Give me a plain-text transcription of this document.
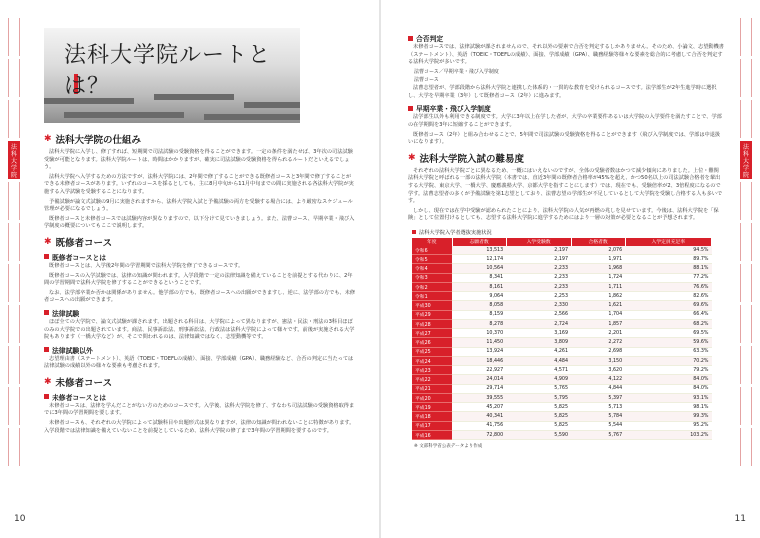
法科大学院
法科大学院
法科大学院ルートとは？
✱ 法科大学院の仕組み

法科大学院に入学し、修了すれば、短期間で司法試験の受験資格を得ることができます。一定の条件を満たせば、3年次の司法試験受験が可能となります。法科大学院ルートは、時間はかかりますが、確実に司法試験の受験資格を得られるルートだといえるでしょう。

法科大学院へ入学するための方法ですが、法科大学院には、2年間で修了することができる既修者コースと3年間で修了することができる未修者コースがあります。いずれのコースを採るとしても、主に8月中旬から11月中旬までの間に実施される各法科大学院が実施する入学試験を受験することになります。

予備試験が論文式試験の9月に実施されますから、法科大学院入試と予備試験の両方を受験する場合には、より厳密なスケジュール管理が必要になるでしょう。

既修者コースと未修者コースでは試験内容が異なりますので、以下分けて見ていきましょう。また、法曹コース、早期卒業・飛び入学制度の概要についてもここで説明します。

✱ 既修者コース
既修者コースとは

既修者コースとは、入学後2年間の学習期間で法科大学院を修了できるコースです。

既修者コースの入学試験では、法律の知識が問われます。入学段階で一定の法律知識を備えていることを前提とする代わりに、2年間の学習期間で法科大学院を修了することができるということです。

なお、法学部卒業か否かは関係がありません。他学部の方でも、既修者コースへの出願ができますし、逆に、法学部の方でも、未修者コースへの出願ができます。

法律試験

ほぼ全ての大学院で、論文式試験が課されます。出題される科目は、大学院によって異なりますが、憲法・民法・刑法の3科目ほぼのみの大学院での出題されています。商法、民事訴訟法、刑事訴訟法、行政法は法科大学院によって様々です。前後が実施される大学院もあります（一橋大学など）が、そこで問われるのは、法律知識ではなく、志望動機等です。

法律試験以外

志望理由書（ステートメント）、英語（TOEIC・TOEFLの成績）、面接、学部成績（GPA）、職務経験など、合否の判定に当たっては法律試験の成績以外の様々な要素も考慮されます。

✱ 未修者コース
未修者コースとは

未修者コースは、法律を学んだことがない方のためのコースです。入学後、法科大学院を修了、すなわち司法試験の受験資格取得までに3年間の学習期間を要します。

未修者コースも、それぞれの大学院によって試験科目や出題形式は異なりますが、法律の知識が問われないことに特徴があります。入学段階では法律知識を備えていないことを前提としているため、法科大学院の修了まで3年間の学習期間を要するのです。

10
合否判定

未修者コースでは、法律試験が課されませんので、それ以外の要素で合否を判定するしかありません。そのため、小論文、志望動機書（ステートメント）、英語（TOEIC・TOEFLの成績）、面接、学部成績（GPA）、職務経験等様々な要素を総合的に考慮して合否を判定する法科大学院が多いです。

法曹コース／早期卒業・飛び入学制度
法曹コース

法曹志望者が、学部段階から法科大学院と連携した体系的・一貫的な教育を受けられるコースです。法学部生が2年生進学時に選択し、大学を早期卒業（3年）して既修者コース（2年）に進みます。

早期卒業・飛び入学制度

法学部生以外も利用できる制度です。大学に3年以上在学した者が、大学の卒業要件あるいは大学院の入学要件を満たすことで、学部の在学期間を3年に短縮することができます。

既修者コース（2年）と組み合わせることで、5年間で司法試験の受験資格を得ることができます（飛び入学制度では、学部は中退扱いになります）。

✱ 法科大学院入試の難易度

それぞれの法科大学院ごとに異なるため、一概にはいえないのですが、全体の受験者数はかつて減少傾向にありました。上位・難関法科大学院と呼ばれる一部の法科大学院（本書では、直近3年間の既修者合格率が45%を超え、かつ50名以上の司法試験合格者を輩出する大学院、東京大学、一橋大学、慶應義塾大学、京都大学を指すことにします）では、現在でも、受験倍率が2、3倍程度になるので学す。法曹志望者の多くが予備試験を第1志望としており、法曹志望の学部生が不足しているとして大学院を受験し合格する人も多いです。

しかし、現在では在学中受験が認められたことにより、法科大学院の人気が再燃の兆しを見せています。今後は、法科大学院を「保険」として位置付けるとしても、志望する法科大学院に進学するためにはより一層の対策が必要となることが予想されます。

法科大学院入学者選抜実施状況
年度	志願者数	入学受験数	合格者数	入学定員充足率
令和6	13,513	2,197	2,076	94.5%
令和5	12,174	2,197	1,971	89.7%
令和4	10,564	2,233	1,968	88.1%
令和3	8,341	2,233	1,724	77.2%
令和2	8,161	2,233	1,711	76.6%
令和1	9,064	2,253	1,862	82.6%
平成30	8,058	2,330	1,621	69.6%
平成29	8,159	2,566	1,704	66.4%
平成28	8,278	2,724	1,857	68.2%
平成27	10,370	3,169	2,201	69.5%
平成26	11,450	3,809	2,272	59.6%
平成25	13,924	4,261	2,698	63.3%
平成24	18,446	4,484	3,150	70.2%
平成23	22,927	4,571	3,620	79.2%
平成22	24,014	4,909	4,122	84.0%
平成21	29,714	5,765	4,844	84.0%
平成20	39,555	5,795	5,397	93.1%
平成19	45,207	5,825	5,713	98.1%
平成18	40,341	5,825	5,784	99.3%
平成17	41,756	5,825	5,544	95.2%
平成16	72,800	5,590	5,767	103.2%
※ 文部科学省公表データより作成
11
